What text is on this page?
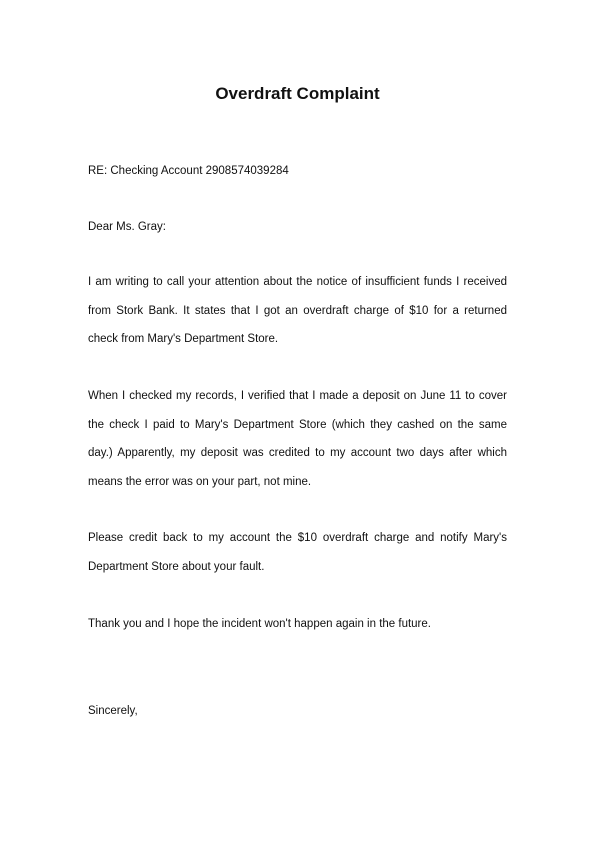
Overdraft Complaint

RE: Checking Account 2908574039284

Dear Ms. Gray:

I am writing to call your attention about the notice of insufficient funds I received from Stork Bank. It states that I got an overdraft charge of $10 for a returned check from Mary's Department Store.

When I checked my records, I verified that I made a deposit on June 11 to cover the check I paid to Mary's Department Store (which they cashed on the same day.) Apparently, my deposit was credited to my account two days after which means the error was on your part, not mine.

Please credit back to my account the $10 overdraft charge and notify Mary's Department Store about your fault.

Thank you and I hope the incident won't happen again in the future.

Sincerely,
